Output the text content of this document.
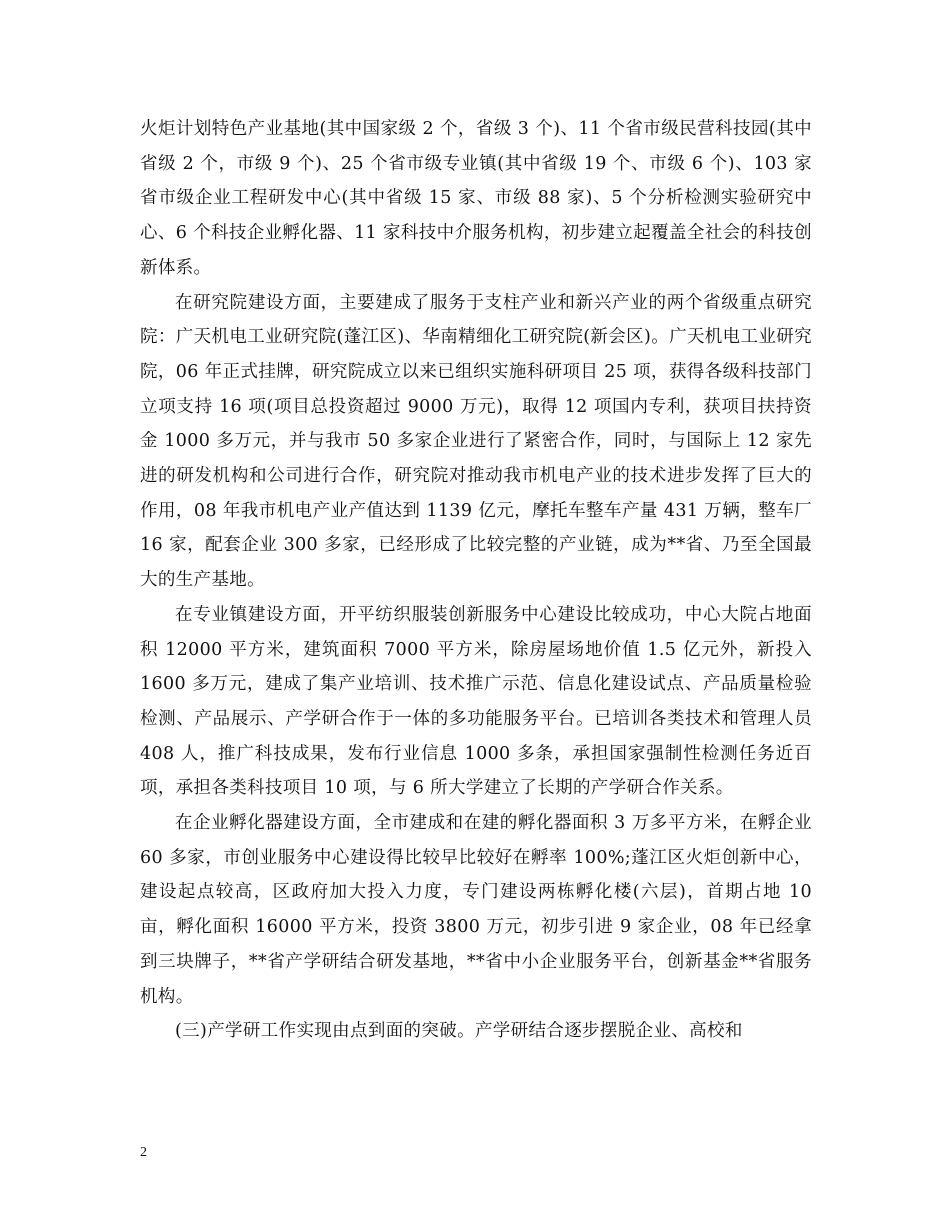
火炬计划特色产业基地(其中国家级 2 个，省级 3 个)、11 个省市级民营科技园(其中省级 2 个，市级 9 个)、25 个省市级专业镇(其中省级 19 个、市级 6 个)、103 家省市级企业工程研发中心(其中省级 15 家、市级 88 家)、5 个分析检测实验研究中心、6 个科技企业孵化器、11 家科技中介服务机构，初步建立起覆盖全社会的科技创新体系。

在研究院建设方面，主要建成了服务于支柱产业和新兴产业的两个省级重点研究院：广天机电工业研究院(蓬江区)、华南精细化工研究院(新会区)。广天机电工业研究院，06 年正式挂牌，研究院成立以来已组织实施科研项目 25 项，获得各级科技部门立项支持 16 项(项目总投资超过 9000 万元)，取得 12 项国内专利，获项目扶持资金 1000 多万元，并与我市 50 多家企业进行了紧密合作，同时，与国际上 12 家先进的研发机构和公司进行合作，研究院对推动我市机电产业的技术进步发挥了巨大的作用，08 年我市机电产业产值达到 1139 亿元，摩托车整车产量 431 万辆，整车厂 16 家，配套企业 300 多家，已经形成了比较完整的产业链，成为**省、乃至全国最大的生产基地。

在专业镇建设方面，开平纺织服装创新服务中心建设比较成功，中心大院占地面积 12000 平方米，建筑面积 7000 平方米，除房屋场地价值 1.5 亿元外，新投入 1600 多万元，建成了集产业培训、技术推广示范、信息化建设试点、产品质量检验检测、产品展示、产学研合作于一体的多功能服务平台。已培训各类技术和管理人员 408 人，推广科技成果，发布行业信息 1000 多条，承担国家强制性检测任务近百项，承担各类科技项目 10 项，与 6 所大学建立了长期的产学研合作关系。

在企业孵化器建设方面，全市建成和在建的孵化器面积 3 万多平方米，在孵企业 60 多家，市创业服务中心建设得比较早比较好在孵率 100%;蓬江区火炬创新中心，建设起点较高，区政府加大投入力度，专门建设两栋孵化楼(六层)，首期占地 10 亩，孵化面积 16000 平方米，投资 3800 万元，初步引进 9 家企业，08 年已经拿到三块牌子，**省产学研结合研发基地，**省中小企业服务平台，创新基金**省服务机构。

(三)产学研工作实现由点到面的突破。产学研结合逐步摆脱企业、高校和

2
